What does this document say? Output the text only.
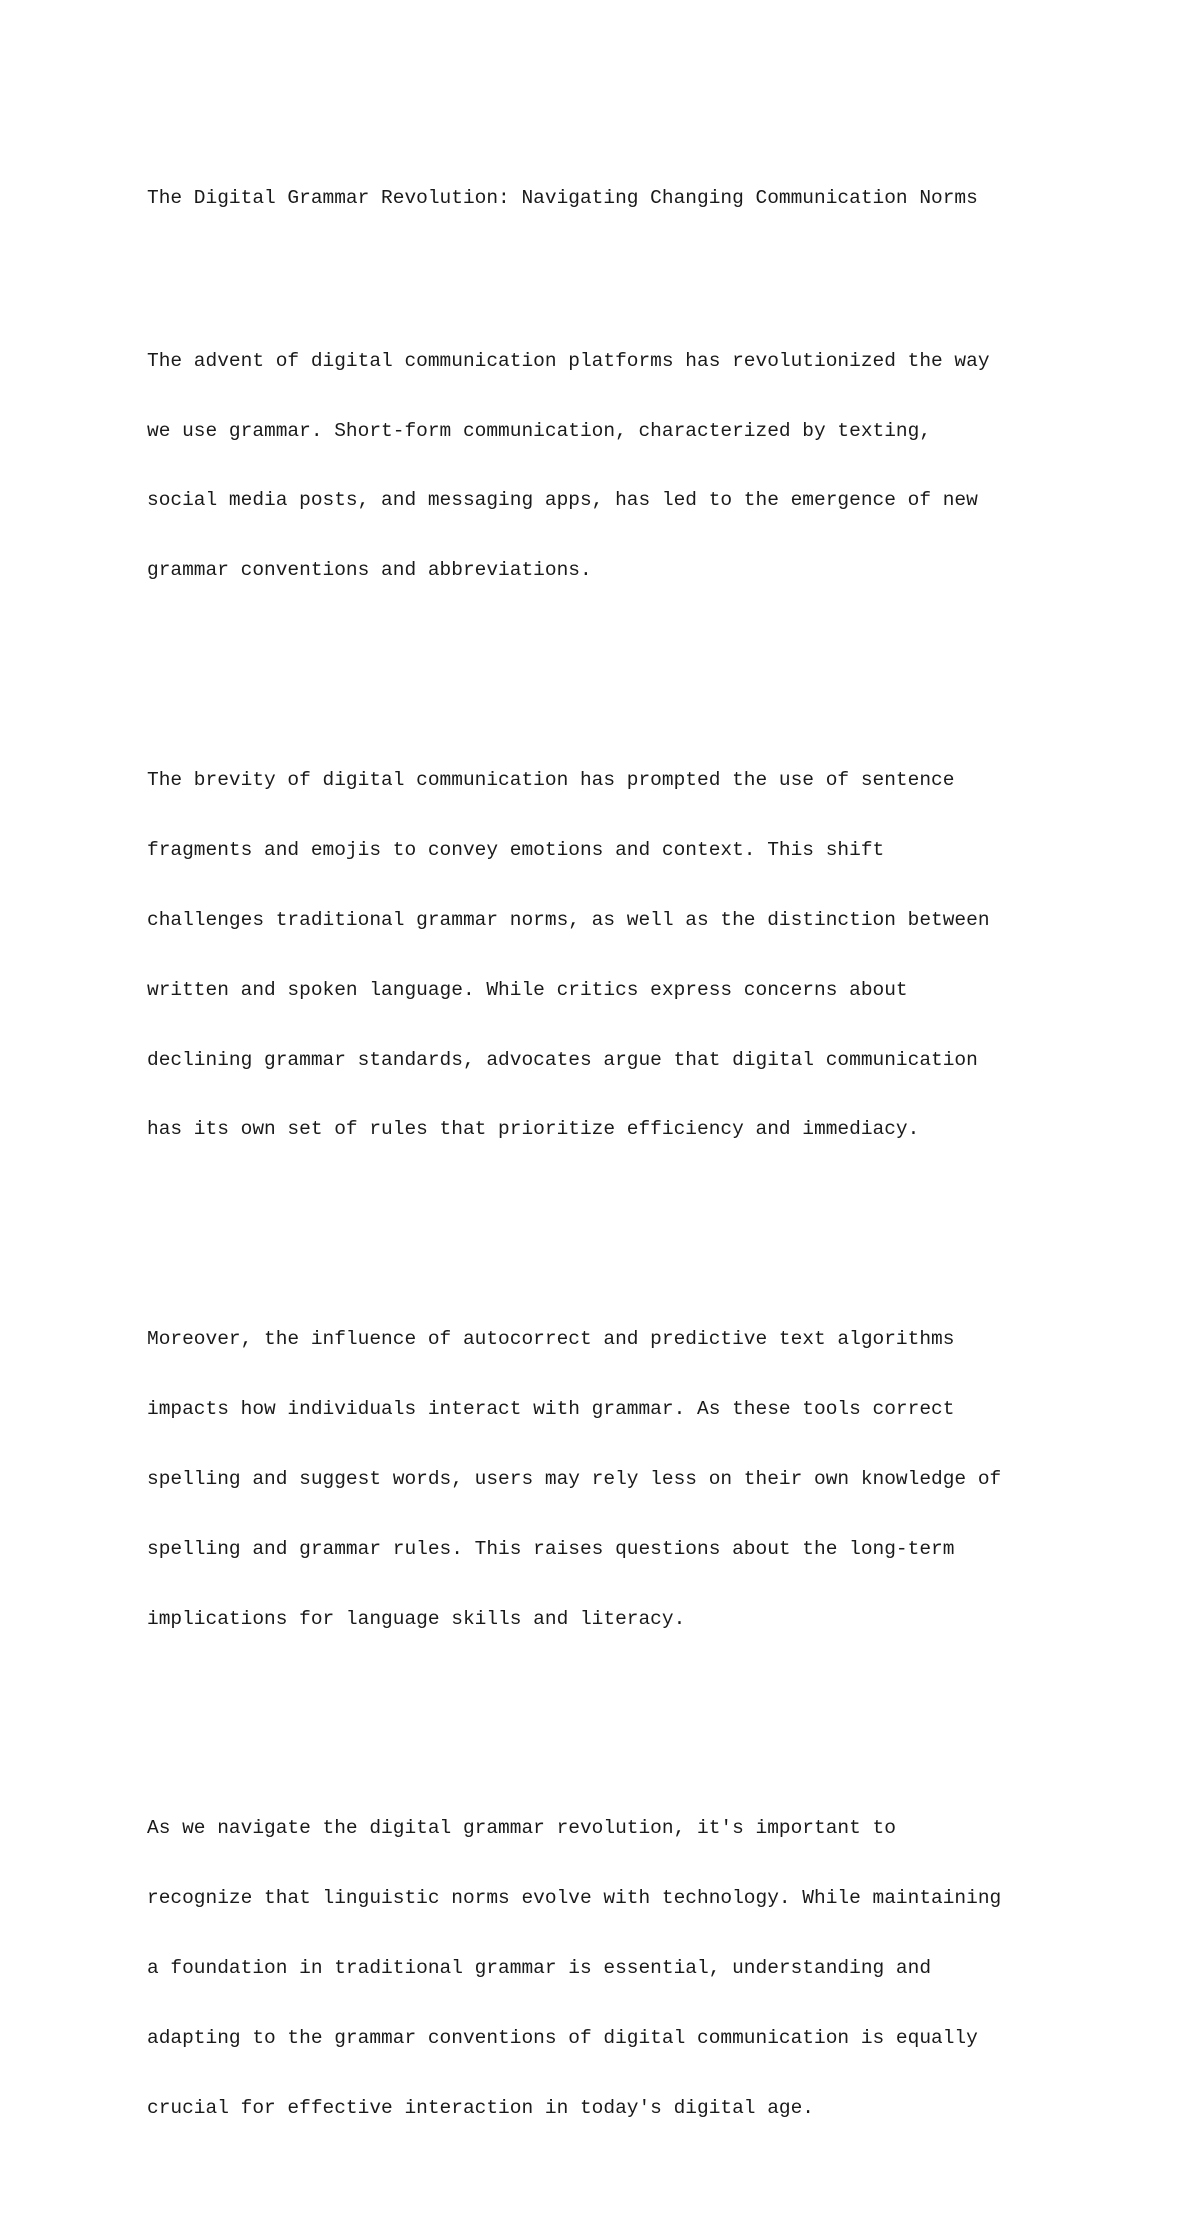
The Digital Grammar Revolution: Navigating Changing Communication Norms

The advent of digital communication platforms has revolutionized the way

we use grammar. Short-form communication, characterized by texting,

social media posts, and messaging apps, has led to the emergence of new

grammar conventions and abbreviations.

The brevity of digital communication has prompted the use of sentence

fragments and emojis to convey emotions and context. This shift

challenges traditional grammar norms, as well as the distinction between

written and spoken language. While critics express concerns about

declining grammar standards, advocates argue that digital communication

has its own set of rules that prioritize efficiency and immediacy.

Moreover, the influence of autocorrect and predictive text algorithms

impacts how individuals interact with grammar. As these tools correct

spelling and suggest words, users may rely less on their own knowledge of

spelling and grammar rules. This raises questions about the long-term

implications for language skills and literacy.

As we navigate the digital grammar revolution, it's important to

recognize that linguistic norms evolve with technology. While maintaining

a foundation in traditional grammar is essential, understanding and

adapting to the grammar conventions of digital communication is equally

crucial for effective interaction in today's digital age.
